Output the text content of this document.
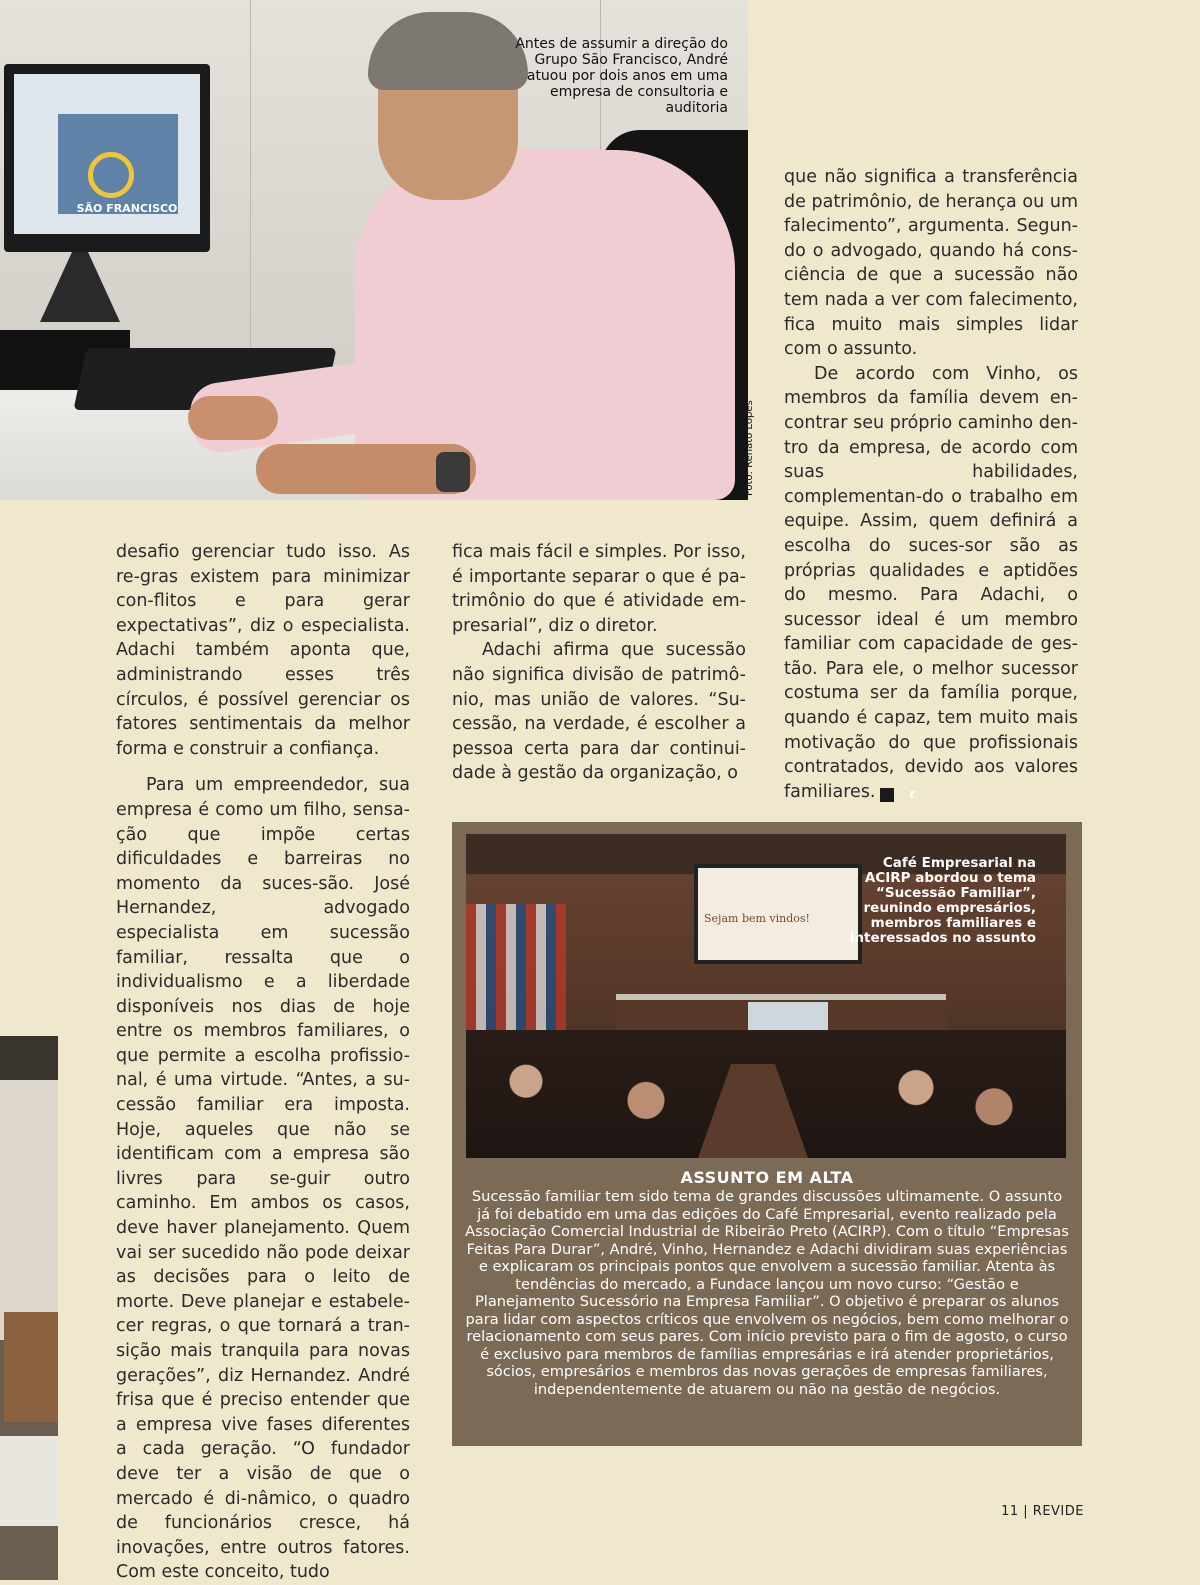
SÃO FRANCISCO
Antes de assumir a direção do Grupo São Francisco, André atuou por dois anos em uma empresa de consultoria e auditoria
Foto: Renato Lopes

desafio gerenciar tudo isso. As re-gras existem para minimizar con-flitos e para gerar expectativas”, diz o especialista. Adachi também aponta que, administrando esses três círculos, é possível gerenciar os fatores sentimentais da melhor forma e construir a confiança.

Para um empreendedor, sua empresa é como um filho, sensa-ção que impõe certas dificuldades e barreiras no momento da suces-são. José Hernandez, advogado especialista em sucessão familiar, ressalta que o individualismo e a liberdade disponíveis nos dias de hoje entre os membros familiares, o que permite a escolha profissio-nal, é uma virtude. “Antes, a su-cessão familiar era imposta. Hoje, aqueles que não se identificam com a empresa são livres para se-guir outro caminho. Em ambos os casos, deve haver planejamento. Quem vai ser sucedido não pode deixar as decisões para o leito de morte. Deve planejar e estabele-cer regras, o que tornará a tran-sição mais tranquila para novas gerações”, diz Hernandez. André frisa que é preciso entender que a empresa vive fases diferentes a cada geração. “O fundador deve ter a visão de que o mercado é di-nâmico, o quadro de funcionários cresce, há inovações, entre outros fatores. Com este conceito, tudo

fica mais fácil e simples. Por isso, é importante separar o que é pa-trimônio do que é atividade em-presarial”, diz o diretor.

Adachi afirma que sucessão não significa divisão de patrimô-nio, mas união de valores. “Su-cessão, na verdade, é escolher a pessoa certa para dar continui-dade à gestão da organização, o

que não significa a transferência de patrimônio, de herança ou um falecimento”, argumenta. Segun-do o advogado, quando há cons-ciência de que a sucessão não tem nada a ver com falecimento, fica muito mais simples lidar com o assunto.

De acordo com Vinho, os membros da família devem en-contrar seu próprio caminho den-tro da empresa, de acordo com suas habilidades, complementan-do o trabalho em equipe. Assim, quem definirá a escolha do suces-sor são as próprias qualidades e aptidões do mesmo. Para Adachi, o sucessor ideal é um membro familiar com capacidade de ges-tão. Para ele, o melhor sucessor costuma ser da família porque, quando é capaz, tem muito mais motivação do que profissionais contratados, devido aos valores familiares.	r

Sejam bem vindos!
Café Empresarial na ACIRP abordou o tema “Sucessão Familiar”, reunindo empresários, membros familiares e interessados no assunto
ASSUNTO EM ALTA

Sucessão familiar tem sido tema de grandes discussões ultimamente. O assunto já foi debatido em uma das edições do Café Empresarial, evento realizado pela Associação Comercial Industrial de Ribeirão Preto (ACIRP). Com o título “Empresas Feitas Para Durar”, André, Vinho, Hernandez e Adachi dividiram suas experiências e explicaram os principais pontos que envolvem a sucessão familiar. Atenta às tendências do mercado, a Fundace lançou um novo curso: “Gestão e Planejamento Sucessório na Empresa Familiar”. O objetivo é preparar os alunos para lidar com aspectos críticos que envolvem os negócios, bem como melhorar o relacionamento com seus pares. Com início previsto para o fim de agosto, o curso é exclusivo para membros de famílias empresárias e irá atender proprietários, sócios, empresários e membros das novas gerações de empresas familiares, independentemente de atuarem ou não na gestão de negócios.

11 | REVIDE
